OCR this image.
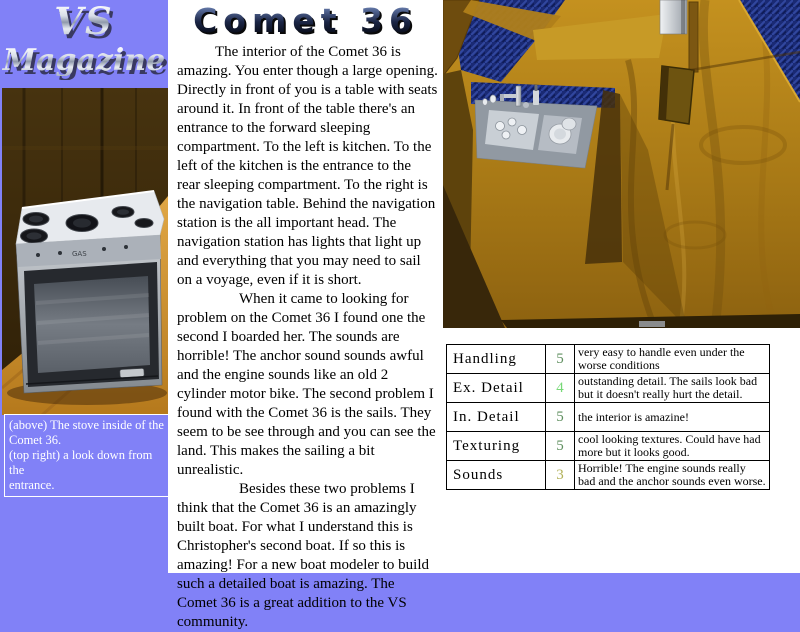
VS
Magazine
GAS
(above) The stove inside of the
Comet 36.
(top right) a look down from the
entrance.
Comet 36

The interior of the Comet 36 is amazing. You enter though a large opening. Directly in front of you is a table with seats around it. In front of the table there's an entrance to the forward sleeping compartment. To the left is kitchen. To the left of the kitchen is the entrance to the rear sleeping compartment. To the right is the navigation table. Behind the navigation station is the all important head. The navigation station has lights that light up and everything that you may need to sail on a voyage, even if it is short.

When it came to looking for problem on the Comet 36 I found one the second I boarded her. The sounds are horrible! The anchor sound sounds awful and the engine sounds like an old 2 cylinder motor bike. The second problem I found with the Comet 36 is the sails. They seem to be see through and you can see the land. This makes the sailing a bit unrealistic.

Besides these two problems I think that the Comet 36 is an amazingly built boat. For what I understand this is Christopher's second boat. If so this is amazing! For a new boat modeler to build such a detailed boat is amazing. The Comet 36 is a great addition to the VS community.

Handling	5	very easy to handle even under the worse conditions
Ex. Detail	4	outstanding detail. The sails look bad but it doesn't really hurt the detail.
In. Detail	5	the interior is amazine!
Texturing	5	cool looking textures. Could have had more but it looks good.
Sounds	3	Horrible! The engine sounds really bad and the anchor sounds even worse.
